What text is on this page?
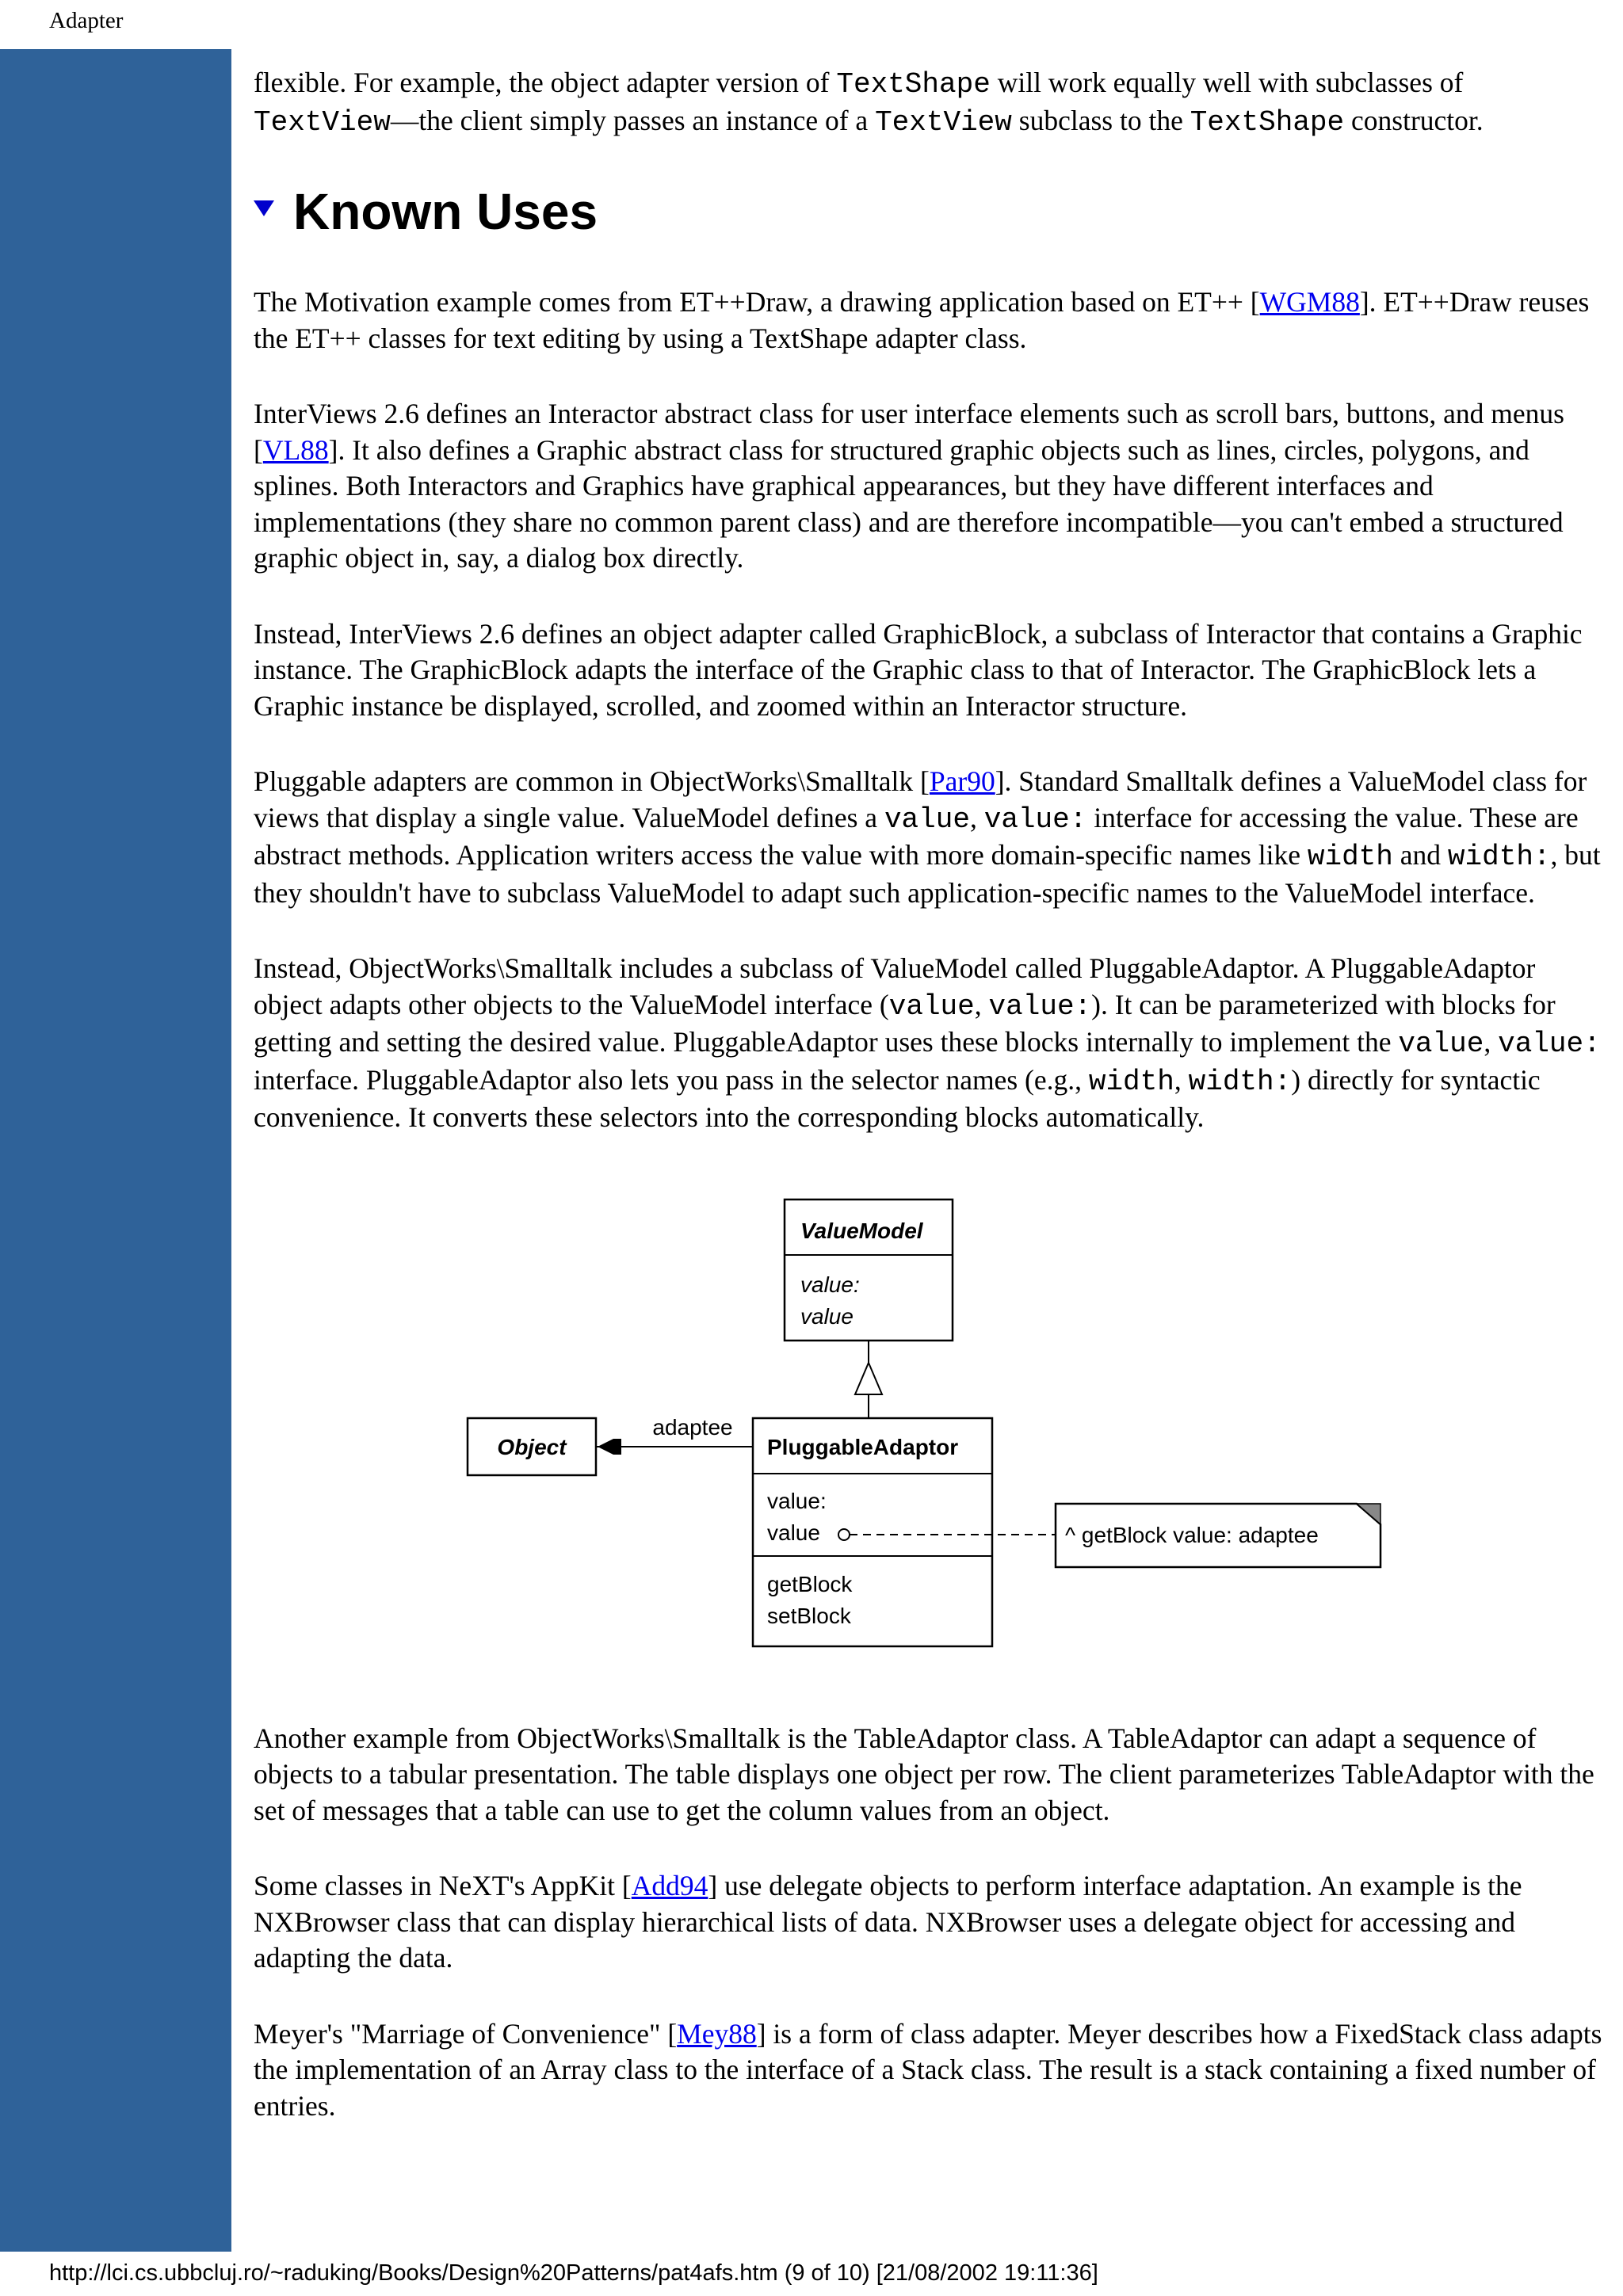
Adapter

flexible. For example, the object adapter version of TextShape will work equally well with subclasses of TextView—the client simply passes an instance of a TextView subclass to the TextShape constructor.

Known Uses

The Motivation example comes from ET++Draw, a drawing application based on ET++ [WGM88]. ET++Draw reuses the ET++ classes for text editing by using a TextShape adapter class.

InterViews 2.6 defines an Interactor abstract class for user interface elements such as scroll bars, buttons, and menus [VL88]. It also defines a Graphic abstract class for structured graphic objects such as lines, circles, polygons, and splines. Both Interactors and Graphics have graphical appearances, but they have different interfaces and implementations (they share no common parent class) and are therefore incompatible—you can't embed a structured graphic object in, say, a dialog box directly.

Instead, InterViews 2.6 defines an object adapter called GraphicBlock, a subclass of Interactor that contains a Graphic instance. The GraphicBlock adapts the interface of the Graphic class to that of Interactor. The GraphicBlock lets a Graphic instance be displayed, scrolled, and zoomed within an Interactor structure.

Pluggable adapters are common in ObjectWorks\Smalltalk [Par90]. Standard Smalltalk defines a ValueModel class for views that display a single value. ValueModel defines a value, value: interface for accessing the value. These are abstract methods. Application writers access the value with more domain-specific names like width and width:, but they shouldn't have to subclass ValueModel to adapt such application-specific names to the ValueModel interface.

Instead, ObjectWorks\Smalltalk includes a subclass of ValueModel called PluggableAdaptor. A PluggableAdaptor object adapts other objects to the ValueModel interface (value, value:). It can be parameterized with blocks for getting and setting the desired value. PluggableAdaptor uses these blocks internally to implement the value, value: interface. PluggableAdaptor also lets you pass in the selector names (e.g., width, width:) directly for syntactic convenience. It converts these selectors into the corresponding blocks automatically.

ValueModel
value:
value
Object
adaptee
PluggableAdaptor
value:
value
getBlock
setBlock
^ getBlock value: adaptee

Another example from ObjectWorks\Smalltalk is the TableAdaptor class. A TableAdaptor can adapt a sequence of objects to a tabular presentation. The table displays one object per row. The client parameterizes TableAdaptor with the set of messages that a table can use to get the column values from an object.

Some classes in NeXT's AppKit [Add94] use delegate objects to perform interface adaptation. An example is the NXBrowser class that can display hierarchical lists of data. NXBrowser uses a delegate object for accessing and adapting the data.

Meyer's "Marriage of Convenience" [Mey88] is a form of class adapter. Meyer describes how a FixedStack class adapts the implementation of an Array class to the interface of a Stack class. The result is a stack containing a fixed number of entries.

http://lci.cs.ubbcluj.ro/~raduking/Books/Design%20Patterns/pat4afs.htm (9 of 10) [21/08/2002 19:11:36]
